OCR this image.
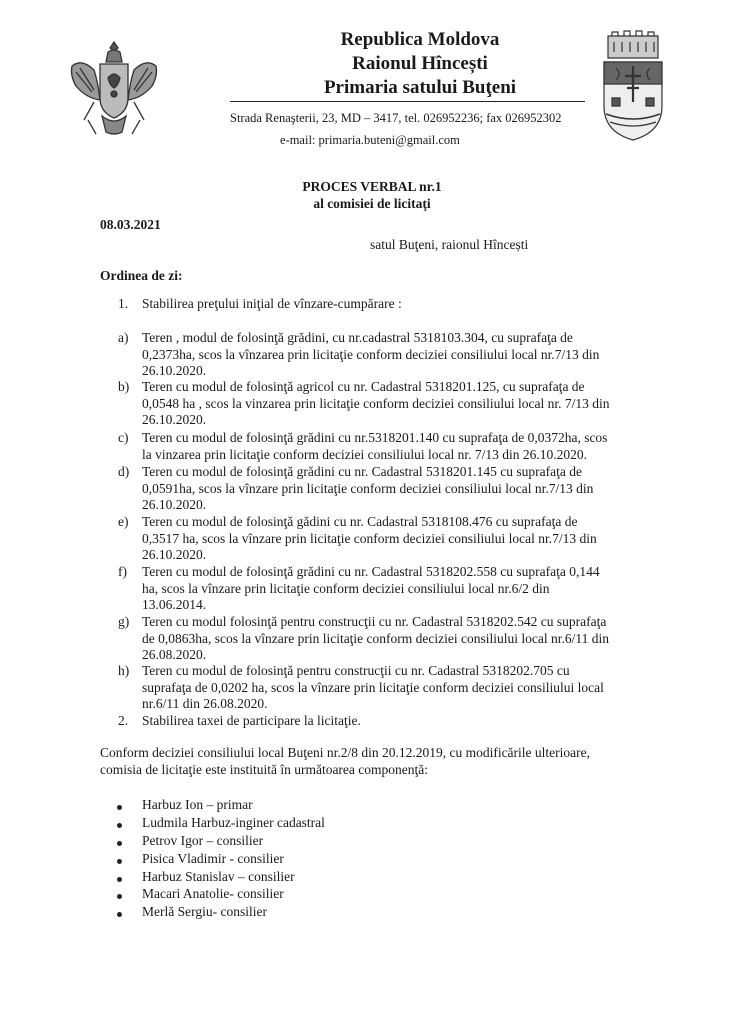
Republica Moldova
Raionul Hîncești
Primaria satului Buţeni
Strada Renaşterii, 23, MD – 3417, tel. 026952236; fax 026952302
e-mail: primaria.buteni@gmail.com
PROCES VERBAL nr.1
al comisiei de licitaţi
08.03.2021
satul Buţeni, raionul Hîncești
Ordinea de zi:
1. Stabilirea preţului iniţial de vînzare-cumpărare :
a) Teren , modul de folosinţă grădini, cu nr.cadastral 5318103.304, cu suprafaţa de
0,2373ha, scos la vînzarea prin licitaţie conform deciziei consiliului local nr.7/13 din
26.10.2020.
b) Teren cu modul de folosinţă agricol cu nr. Cadastral 5318201.125, cu suprafaţa de
0,0548 ha , scos la vinzarea prin licitaţie conform deciziei consiliului local nr. 7/13 din
26.10.2020.
c) Teren cu modul de folosinţă grădini cu nr.5318201.140 cu suprafaţa de 0,0372ha, scos
la vinzarea prin licitaţie conform deciziei consiliului local nr. 7/13 din 26.10.2020.
d) Teren cu modul de folosinţă grădini cu nr. Cadastral 5318201.145 cu suprafaţa de
0,0591ha, scos la vînzare prin licitaţie conform deciziei consiliului local nr.7/13 din
26.10.2020.
e) Teren cu modul de folosinţă gădini cu nr. Cadastral 5318108.476 cu suprafaţa de
0,3517 ha, scos la vînzare prin licitaţie conform deciziei consiliului local nr.7/13 din
26.10.2020.
f) Teren cu modul de folosinţă grădini cu nr. Cadastral 5318202.558 cu suprafaţa 0,144
ha, scos la vînzare prin licitaţie conform deciziei consiliului local nr.6/2 din
13.06.2014.
g) Teren cu modul folosinţă pentru construcţii cu nr. Cadastral 5318202.542 cu suprafaţa
de 0,0863ha, scos la vînzare prin licitaţie conform deciziei consiliului local nr.6/11 din
26.08.2020.
h) Teren cu modul de folosinţă pentru construcţii cu nr. Cadastral 5318202.705 cu
suprafaţa de 0,0202 ha, scos la vînzare prin licitaţie conform deciziei consiliului local
nr.6/11 din 26.08.2020.
2. Stabilirea taxei de participare la licitaţie.
Conform deciziei consiliului local Buţeni nr.2/8 din 20.12.2019, cu modificările ulterioare,
comisia de licitaţie este instituită în următoarea componenţă:
Harbuz Ion – primar
Ludmila Harbuz-inginer cadastral
Petrov Igor – consilier
Pisica Vladimir - consilier
Harbuz Stanislav – consilier
Macari Anatolie- consilier
Merlă Sergiu- consilier
